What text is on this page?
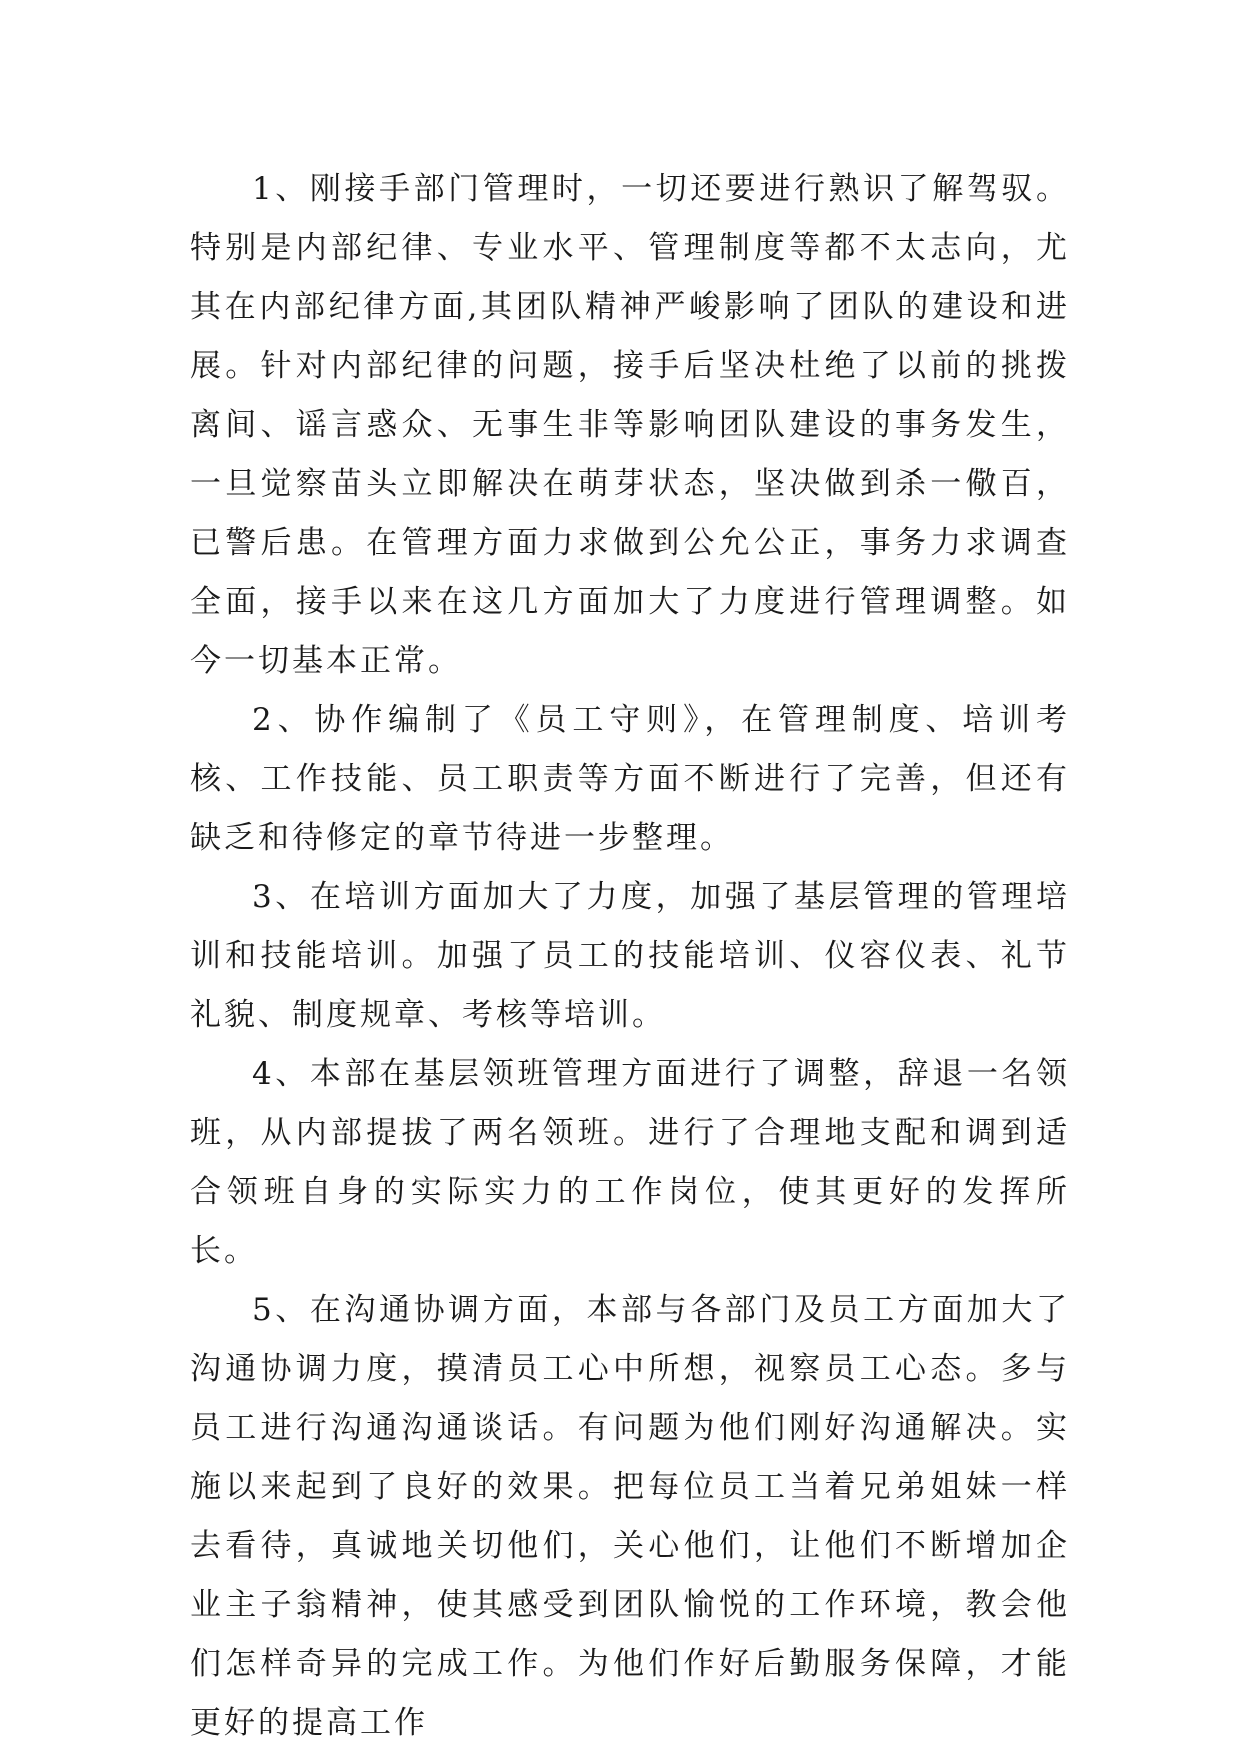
1、刚接手部门管理时，一切还要进行熟识了解驾驭。特别是内部纪律、专业水平、管理制度等都不太志向，尤其在内部纪律方面,其团队精神严峻影响了团队的建设和进展。针对内部纪律的问题，接手后坚决杜绝了以前的挑拨离间、谣言惑众、无事生非等影响团队建设的事务发生，一旦觉察苗头立即解决在萌芽状态，坚决做到杀一儆百，已警后患。在管理方面力求做到公允公正，事务力求调查全面，接手以来在这几方面加大了力度进行管理调整。如今一切基本正常。

2、协作编制了《员工守则》，在管理制度、培训考核、工作技能、员工职责等方面不断进行了完善，但还有缺乏和待修定的章节待进一步整理。

3、在培训方面加大了力度，加强了基层管理的管理培训和技能培训。加强了员工的技能培训、仪容仪表、礼节礼貌、制度规章、考核等培训。

4、本部在基层领班管理方面进行了调整，辞退一名领班，从内部提拔了两名领班。进行了合理地支配和调到适合领班自身的实际实力的工作岗位，使其更好的发挥所长。

5、在沟通协调方面，本部与各部门及员工方面加大了沟通协调力度，摸清员工心中所想，视察员工心态。多与员工进行沟通沟通谈话。有问题为他们刚好沟通解决。实施以来起到了良好的效果。把每位员工当着兄弟姐妹一样去看待，真诚地关切他们，关心他们，让他们不断增加企业主子翁精神，使其感受到团队愉悦的工作环境，教会他们怎样奇异的完成工作。为他们作好后勤服务保障，才能更好的提高工作
